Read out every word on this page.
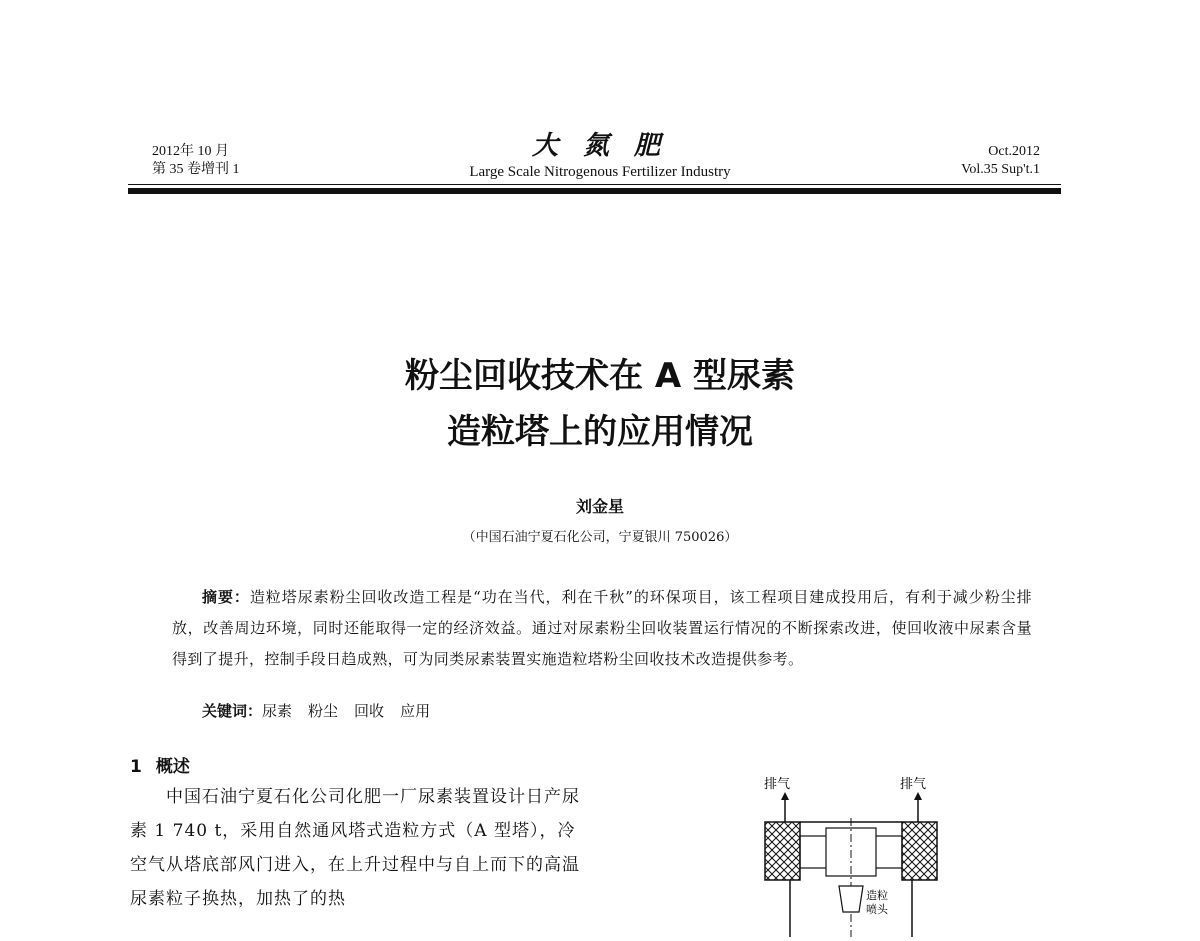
2012年 10 月
第 35 卷增刊 1
大 氮 肥
Large Scale Nitrogenous Fertilizer Industry
Oct.2012
Vol.35 Sup't.1
粉尘回收技术在 A 型尿素
造粒塔上的应用情况
刘金星
（中国石油宁夏石化公司，宁夏银川 750026）
摘要：造粒塔尿素粉尘回收改造工程是“功在当代，利在千秋”的环保项目，该工程项目建成投用后，有利于减少粉尘排放，改善周边环境，同时还能取得一定的经济效益。通过对尿素粉尘回收装置运行情况的不断探索改进，使回收液中尿素含量得到了提升，控制手段日趋成熟，可为同类尿素装置实施造粒塔粉尘回收技术改造提供参考。
关键词：尿素 粉尘 回收 应用
1 概述
中国石油宁夏石化公司化肥一厂尿素装置设计日产尿素 1 740 t，采用自然通风塔式造粒方式（A 型塔），冷空气从塔底部风门进入，在上升过程中与自上而下的高温尿素粒子换热，加热了的热
排气	排气
造粒
喷头
